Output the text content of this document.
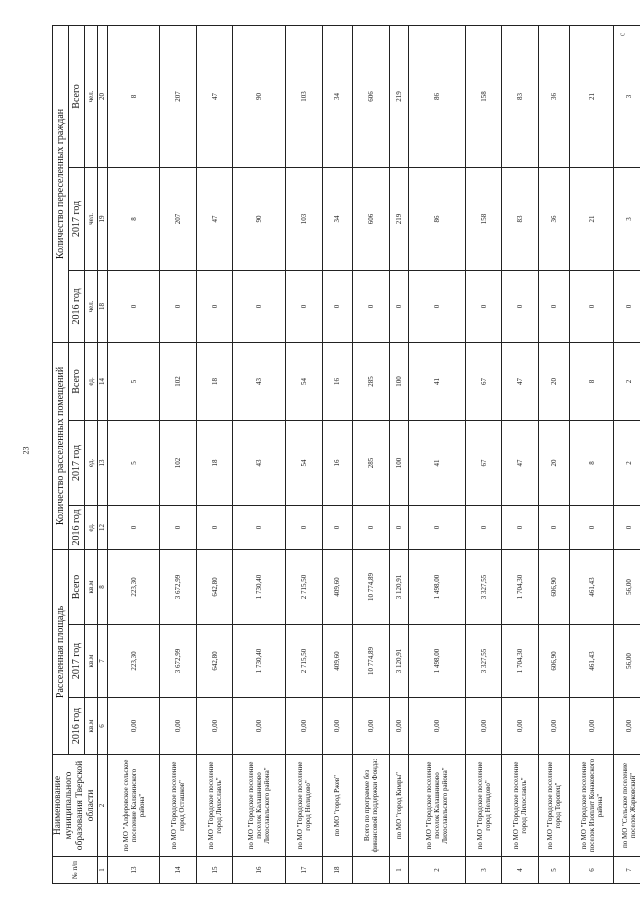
23
c
№ п/п	Наименование муниципального образования Тверской области	Расселенная площадь			Количество расселенных помещений			Количество переселенных граждан		
		2016 год	2017 год	Всего	2016 год	2017 год	Всего	2016 год	2017 год	Всего
		кв.м	кв.м	кв.м	ед.	ед.	ед.	чел.	чел.	чел.
1	2	6	7	8	12	13	14	18	19	20
13	по МО "Алферовское сельское поселение Калязинского района"	0,00	223,30	223,30	0	5	5	0	8	8
14	по МО "Городское поселение город Осташков"	0,00	3 672,99	3 672,99	0	102	102	0	207	207
15	по МО "Городское поселение город Лихославль"	0,00	642,80	642,80	0	18	18	0	47	47
16	по МО "Городское поселение поселок Калашниково Лихославльского района"	0,00	1 730,40	1 730,40	0	43	43	0	90	90
17	по МО "Городское поселение город Нелидово"	0,00	2 715,50	2 715,50	0	54	54	0	103	103
18	по МО "город Ржев"	0,00	409,60	409,60	0	16	16	0	34	34
	Всего по программе без финансовой поддержки Фонда:	0,00	10 774,89	10 774,89	0	285	285	0	606	606
1	по МО "город Кимры"	0,00	3 120,91	3 120,91	0	100	100	0	219	219
2	по МО "Городское поселение поселок Калашниково Лихославльского района"	0,00	1 498,00	1 498,00	0	41	41	0	86	86
3	по МО "Городское поселение город Нелидово"	0,00	3 327,55	3 327,55	0	67	67	0	158	158
4	по МО "Городское поселение город Лихославль"	0,00	1 704,30	1 704,30	0	47	47	0	83	83
5	по МО "Городское поселение город Торопец"	0,00	606,90	606,90	0	20	20	0	36	36
6	по МО "Городское поселение поселок Изоплит Конаковского района"	0,00	461,43	461,43	0	8	8	0	21	21
7	по МО "Сельское поселение поселок Жарковский"	0,00	56,00	56,00	0	2	2	0	3	3
